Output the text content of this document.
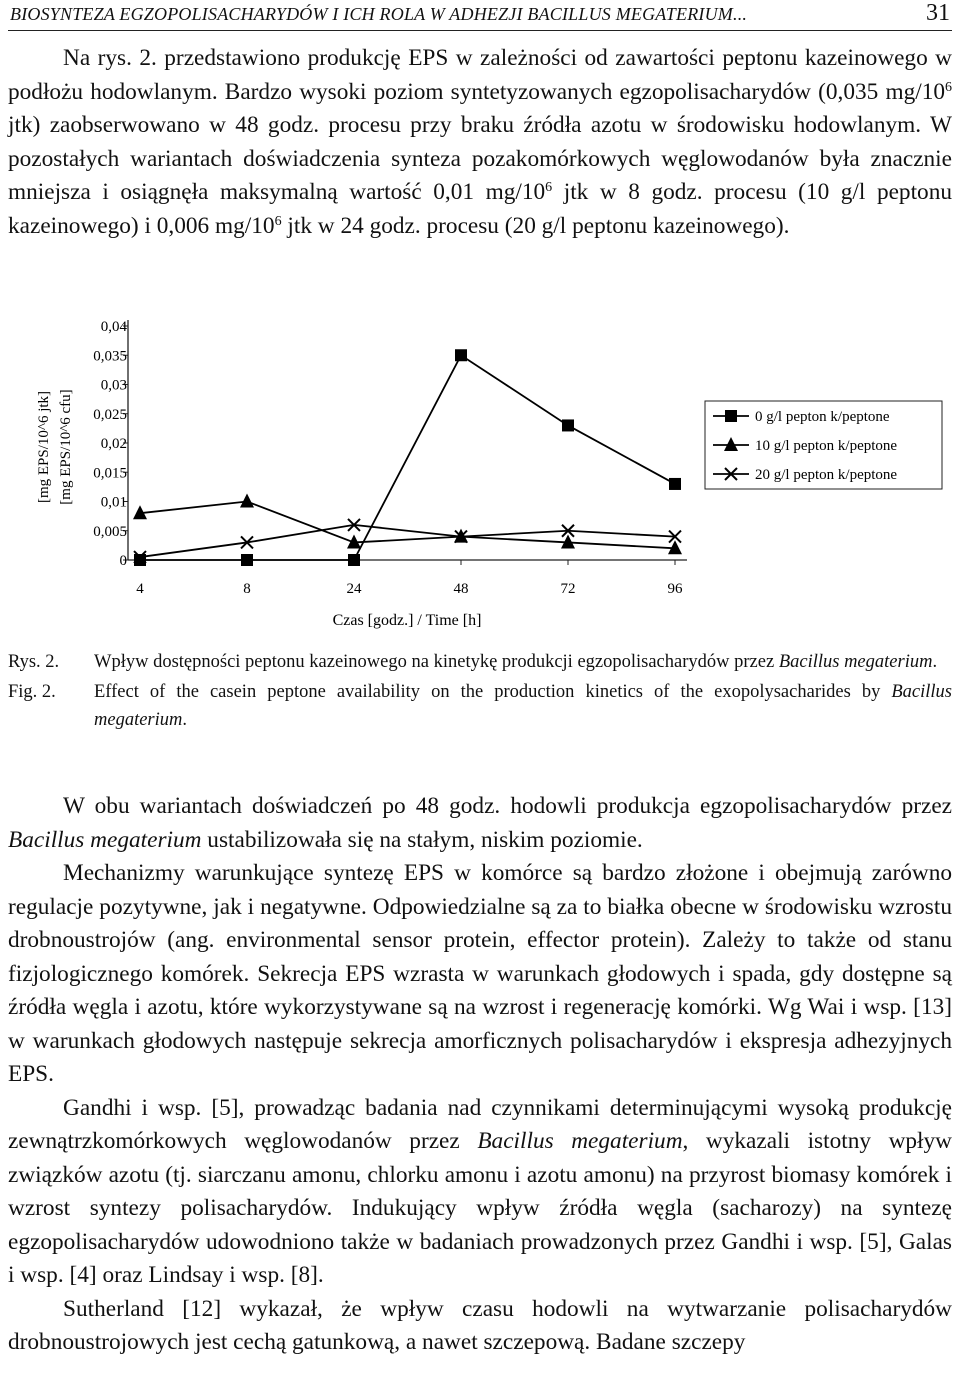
BIOSYNTEZA EGZOPOLISACHARYDÓW I ICH ROLA W ADHEZJI BACILLUS MEGATERIUM...	31

Na rys. 2. przedstawiono produkcję EPS w zależności od zawartości peptonu kazeinowego w podłożu hodowlanym. Bardzo wysoki poziom syntetyzowanych egzopolisacharydów (0,035 $mg/10^6$ jtk) zaobserwowano w 48 godz. procesu przy braku źródła azotu w środowisku hodowlanym. W pozostałych wariantach doświadczenia synteza pozakomórkowych węglowodanów była znacznie mniejsza i osiągnęła maksymalną wartość 0,01 $mg/10^6$ jtk w 8 godz. procesu (10 g/l peptonu kazeinowego) i 0,006 $mg/10^6$ jtk w 24 godz. procesu (20 g/l peptonu kazeinowego).

0
0,005
0,01
0,015
0,02
0,025
0,03
0,035
0,04
4	8	24	48	72	96
0 g/l pepton k/peptone
10 g/l pepton k/peptone
20 g/l pepton k/peptone
Czas [godz.] / Time [h]
[mg EPS/10^6 jtk] [mg EPS/10^6 cfu]
Rys. 2. Wpływ dostępności peptonu kazeinowego na kinetykę produkcji egzopolisacharydów przez Bacillus megaterium.
Fig. 2. Effect of the casein peptone availability on the production kinetics of the exopolysacharides by Bacillus megaterium.
W obu wariantach doświadczeń po 48 godz. hodowli produkcja egzopolisacharydów przez Bacillus megaterium ustabilizowała się na stałym, niskim poziomie.
Mechanizmy warunkujące syntezę EPS w komórce są bardzo złożone i obejmują zarówno regulacje pozytywne, jak i negatywne. Odpowiedzialne są za to białka obecne w środowisku wzrostu drobnoustrojów (ang. environmental sensor protein, effector protein). Zależy to także od stanu fizjologicznego komórek. Sekrecja EPS wzrasta w warunkach głodowych i spada, gdy dostępne są źródła węgla i azotu, które wykorzystywane są na wzrost i regenerację komórki. Wg Wai i wsp. [13] w warunkach głodowych następuje sekrecja amorficznych polisacharydów i ekspresja adhezyjnych EPS.
Gandhi i wsp. [5], prowadząc badania nad czynnikami determinującymi wysoką produkcję zewnątrzkomórkowych węglowodanów przez Bacillus megaterium, wykazali istotny wpływ związków azotu (tj. siarczanu amonu, chlorku amonu i azotu amonu) na przyrost biomasy komórek i wzrost syntezy polisacharydów. Indukujący wpływ źródła węgla (sacharozy) na syntezę egzopolisacharydów udowodniono także w badaniach prowadzonych przez Gandhi i wsp. [5], Galas i wsp. [4] oraz Lindsay i wsp. [8].
Sutherland [12] wykazał, że wpływ czasu hodowli na wytwarzanie polisacharydów drobnoustrojowych jest cechą gatunkową, a nawet szczepową. Badane szczepy
